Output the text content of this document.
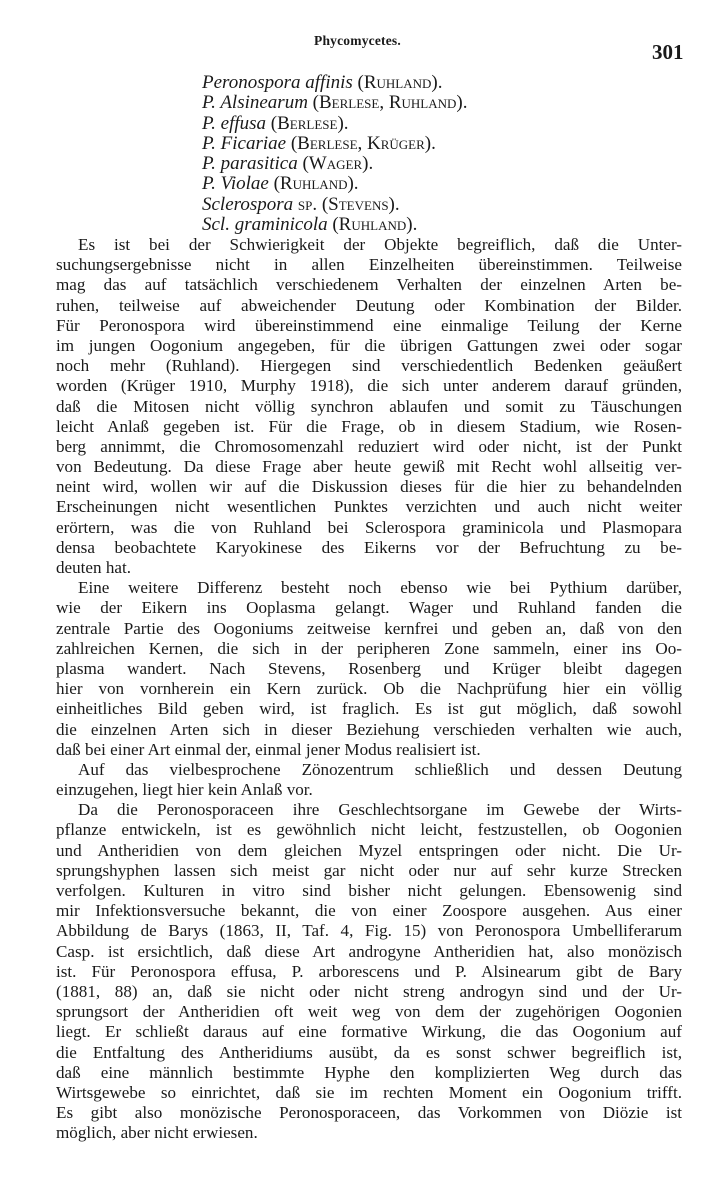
Phycomycetes.	301
Peronospora affinis (Ruhland).
P. Alsinearum (Berlese, Ruhland).
P. effusa (Berlese).
P. Ficariae (Berlese, Krüger).
P. parasitica (Wager).
P. Violae (Ruhland).
Sclerospora sp. (Stevens).
Scl. graminicola (Ruhland).
Es ist bei der Schwierigkeit der Objekte begreiflich, daß die Unter-
suchungsergebnisse nicht in allen Einzelheiten übereinstimmen. Teilweise
mag das auf tatsächlich verschiedenem Verhalten der einzelnen Arten be-
ruhen, teilweise auf abweichender Deutung oder Kombination der Bilder.
Für Peronospora wird übereinstimmend eine einmalige Teilung der Kerne
im jungen Oogonium angegeben, für die übrigen Gattungen zwei oder sogar
noch mehr (Ruhland). Hiergegen sind verschiedentlich Bedenken geäußert
worden (Krüger 1910, Murphy 1918), die sich unter anderem darauf gründen,
daß die Mitosen nicht völlig synchron ablaufen und somit zu Täuschungen
leicht Anlaß gegeben ist. Für die Frage, ob in diesem Stadium, wie Rosen-
berg annimmt, die Chromosomenzahl reduziert wird oder nicht, ist der Punkt
von Bedeutung. Da diese Frage aber heute gewiß mit Recht wohl allseitig ver-
neint wird, wollen wir auf die Diskussion dieses für die hier zu behandelnden
Erscheinungen nicht wesentlichen Punktes verzichten und auch nicht weiter
erörtern, was die von Ruhland bei Sclerospora graminicola und Plasmopara
densa beobachtete Karyokinese des Eikerns vor der Befruchtung zu be-
deuten hat.
Eine weitere Differenz besteht noch ebenso wie bei Pythium darüber,
wie der Eikern ins Ooplasma gelangt. Wager und Ruhland fanden die
zentrale Partie des Oogoniums zeitweise kernfrei und geben an, daß von den
zahlreichen Kernen, die sich in der peripheren Zone sammeln, einer ins Oo-
plasma wandert. Nach Stevens, Rosenberg und Krüger bleibt dagegen
hier von vornherein ein Kern zurück. Ob die Nachprüfung hier ein völlig
einheitliches Bild geben wird, ist fraglich. Es ist gut möglich, daß sowohl
die einzelnen Arten sich in dieser Beziehung verschieden verhalten wie auch,
daß bei einer Art einmal der, einmal jener Modus realisiert ist.
Auf das vielbesprochene Zönozentrum schließlich und dessen Deutung
einzugehen, liegt hier kein Anlaß vor.
Da die Peronosporaceen ihre Geschlechtsorgane im Gewebe der Wirts-
pflanze entwickeln, ist es gewöhnlich nicht leicht, festzustellen, ob Oogonien
und Antheridien von dem gleichen Myzel entspringen oder nicht. Die Ur-
sprungshyphen lassen sich meist gar nicht oder nur auf sehr kurze Strecken
verfolgen. Kulturen in vitro sind bisher nicht gelungen. Ebensowenig sind
mir Infektionsversuche bekannt, die von einer Zoospore ausgehen. Aus einer
Abbildung de Barys (1863, II, Taf. 4, Fig. 15) von Peronospora Umbelliferarum
Casp. ist ersichtlich, daß diese Art androgyne Antheridien hat, also monözisch
ist. Für Peronospora effusa, P. arborescens und P. Alsinearum gibt de Bary
(1881, 88) an, daß sie nicht oder nicht streng androgyn sind und der Ur-
sprungsort der Antheridien oft weit weg von dem der zugehörigen Oogonien
liegt. Er schließt daraus auf eine formative Wirkung, die das Oogonium auf
die Entfaltung des Antheridiums ausübt, da es sonst schwer begreiflich ist,
daß eine männlich bestimmte Hyphe den komplizierten Weg durch das
Wirtsgewebe so einrichtet, daß sie im rechten Moment ein Oogonium trifft.
Es gibt also monözische Peronosporaceen, das Vorkommen von Diözie ist
möglich, aber nicht erwiesen.
